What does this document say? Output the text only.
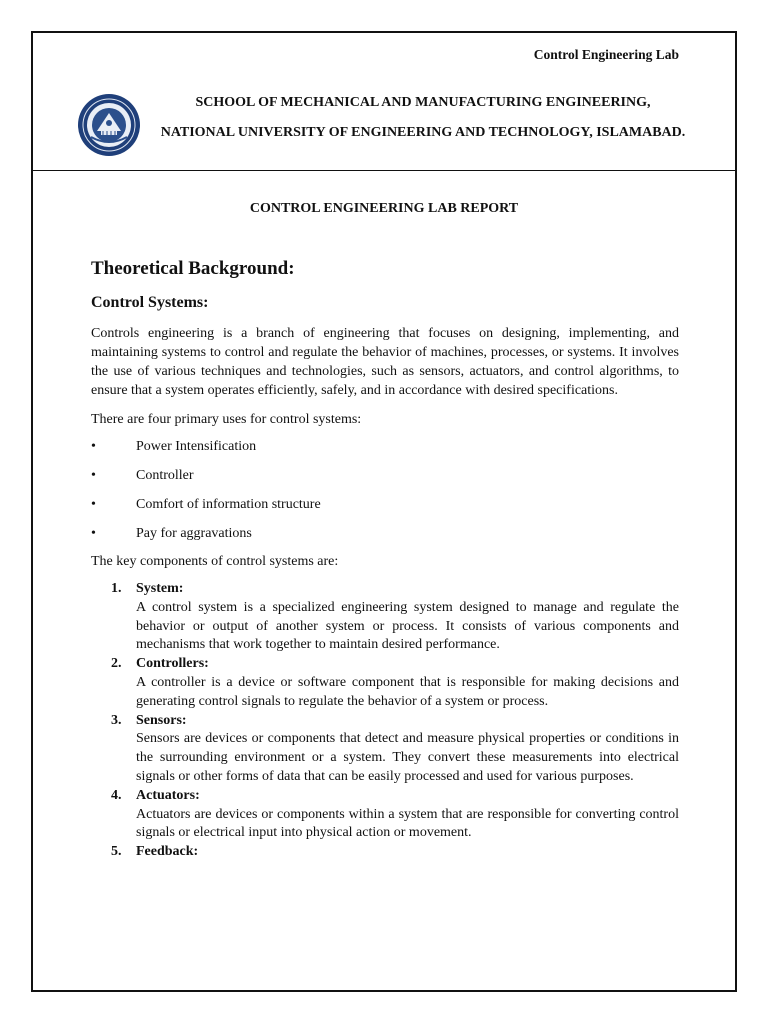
Control Engineering Lab
SCHOOL OF MECHANICAL AND MANUFACTURING ENGINEERING,
NATIONAL UNIVERSITY OF ENGINEERING AND TECHNOLOGY, ISLAMABAD.
CONTROL ENGINEERING LAB REPORT
Theoretical Background:
Control Systems:

Controls engineering is a branch of engineering that focuses on designing, implementing, and maintaining systems to control and regulate the behavior of machines, processes, or systems. It involves the use of various techniques and technologies, such as sensors, actuators, and control algorithms, to ensure that a system operates efficiently, safely, and in accordance with desired specifications.

There are four primary uses for control systems:

•	Power Intensification
•	Controller
•	Comfort of information structure
•	Pay for aggravations

The key components of control systems are:

1. System:
A control system is a specialized engineering system designed to manage and regulate the behavior or output of another system or process. It consists of various components and mechanisms that work together to maintain desired performance.
2. Controllers:
A controller is a device or software component that is responsible for making decisions and generating control signals to regulate the behavior of a system or process.
3. Sensors:
Sensors are devices or components that detect and measure physical properties or conditions in the surrounding environment or a system. They convert these measurements into electrical signals or other forms of data that can be easily processed and used for various purposes.
4. Actuators:
Actuators are devices or components within a system that are responsible for converting control signals or electrical input into physical action or movement.
5. Feedback:
